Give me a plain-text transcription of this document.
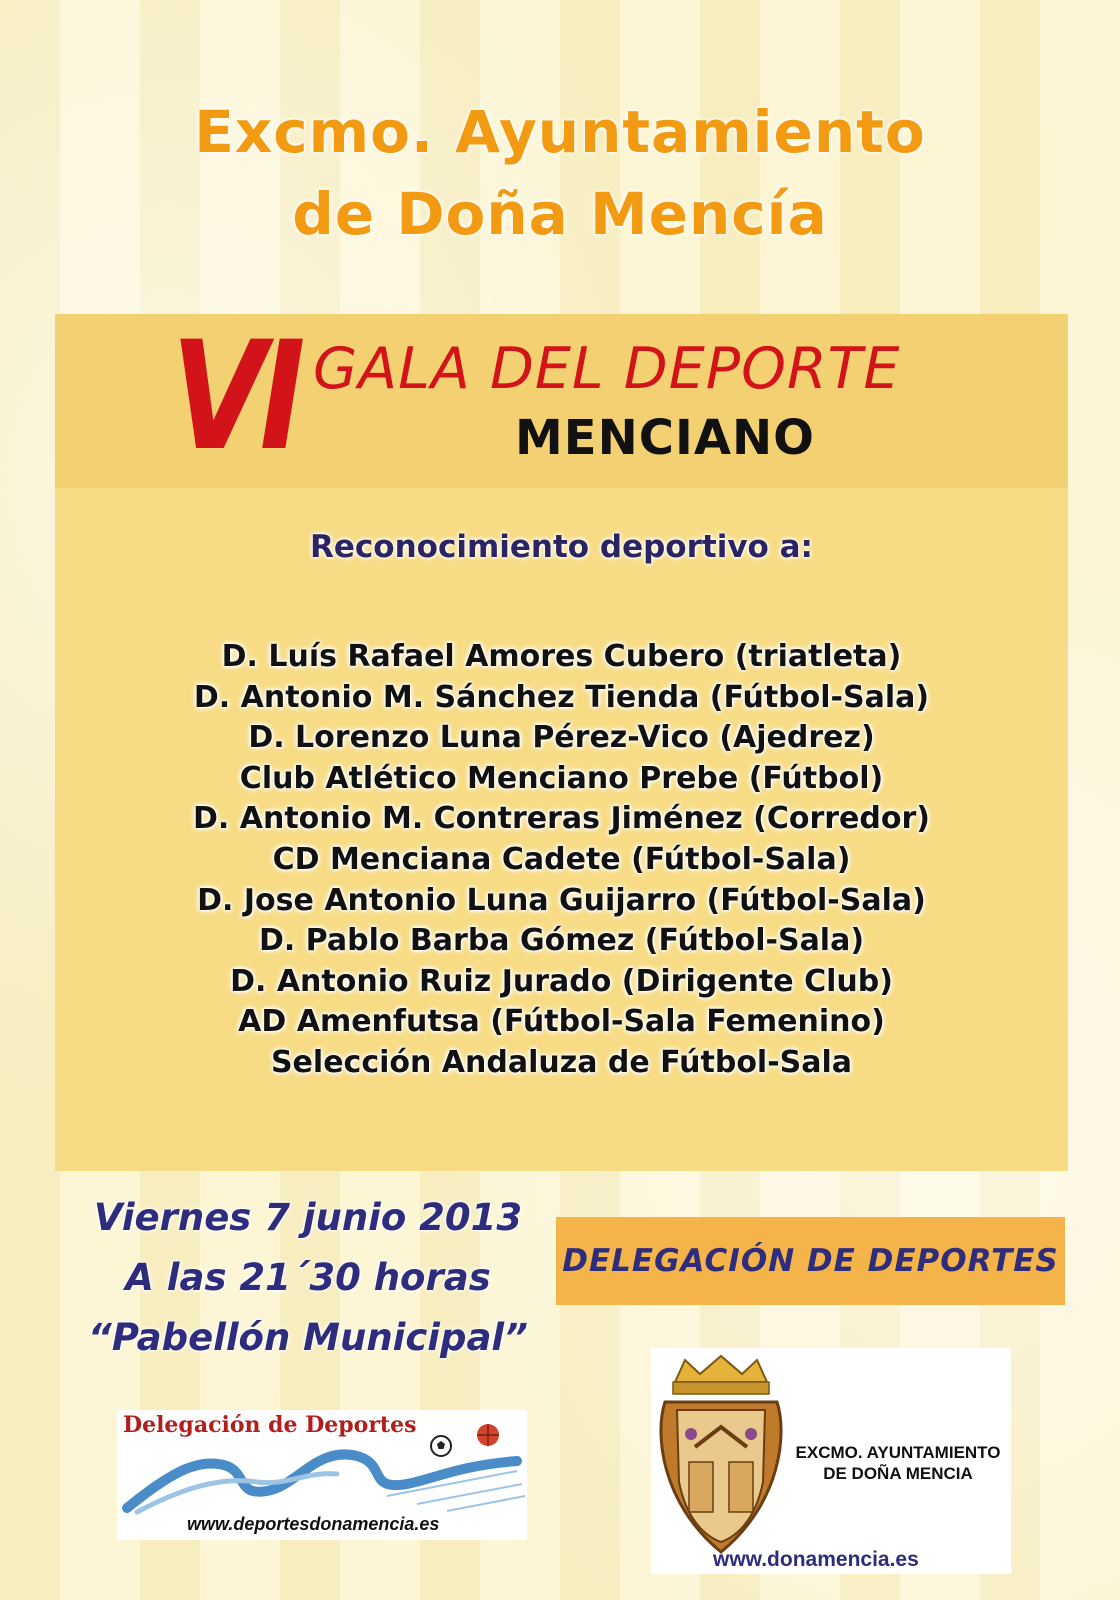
Excmo. Ayuntamiento
de Doña Mencía
VI GALA DEL DEPORTE
MENCIANO
Reconocimiento deportivo a:
D. Luís Rafael Amores Cubero (triatleta)
D. Antonio M. Sánchez Tienda (Fútbol-Sala)
D. Lorenzo Luna Pérez-Vico (Ajedrez)
Club Atlético Menciano Prebe (Fútbol)
D. Antonio M. Contreras Jiménez (Corredor)
CD Menciana Cadete (Fútbol-Sala)
D. Jose Antonio Luna Guijarro (Fútbol-Sala)
D. Pablo Barba Gómez (Fútbol-Sala)
D. Antonio Ruiz Jurado (Dirigente Club)
AD Amenfutsa (Fútbol-Sala Femenino)
Selección Andaluza de Fútbol-Sala
Viernes 7 junio 2013
A las 21´30 horas
“Pabellón Municipal”
DELEGACIÓN DE DEPORTES
Delegación de Deportes
www.deportesdonamencia.es
EXCMO. AYUNTAMIENTO
DE DOÑA MENCIA
www.donamencia.es
